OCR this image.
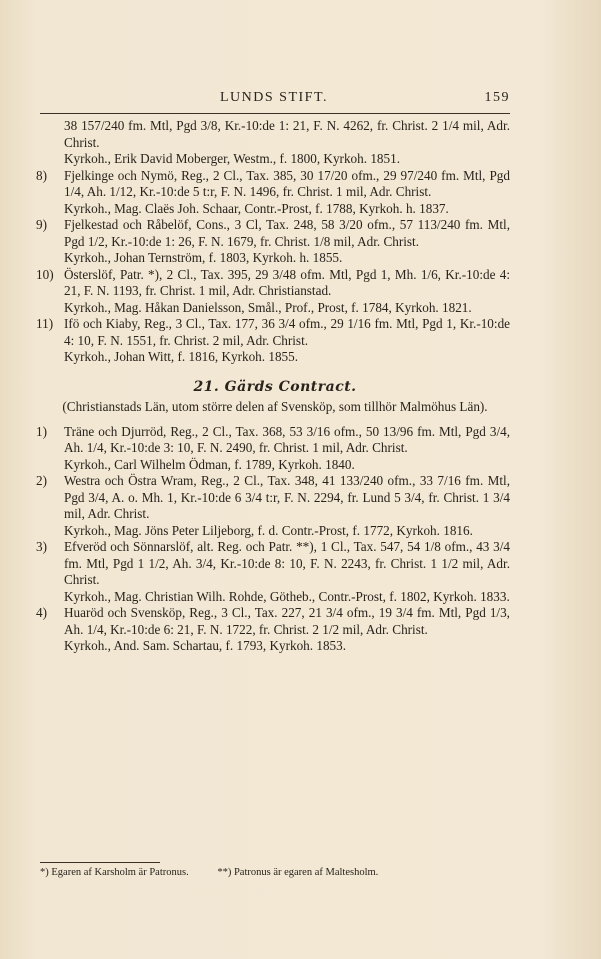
LUNDS STIFT.	159

38 157/240 fm. Mtl, Pgd 3/8, Kr.-10:de 1: 21, F. N. 4262, fr. Christ. 2 1/4 mil, Adr. Christ.
Kyrkoh., Erik David Moberger, Westm., f. 1800, Kyrkoh. 1851.

8)	Fjelkinge och Nymö, Reg., 2 Cl., Tax. 385, 30 17/20 ofm., 29 97/240 fm. Mtl, Pgd 1/4, Ah. 1/12, Kr.-10:de 5 t:r, F. N. 1496, fr. Christ. 1 mil, Adr. Christ.
Kyrkoh., Mag. Claës Joh. Schaar, Contr.-Prost, f. 1788, Kyrkoh. h. 1837.

9)	Fjelkestad och Råbelöf, Cons., 3 Cl, Tax. 248, 58 3/20 ofm., 57 113/240 fm. Mtl, Pgd 1/2, Kr.-10:de 1: 26, F. N. 1679, fr. Christ. 1/8 mil, Adr. Christ.
Kyrkoh., Johan Ternström, f. 1803, Kyrkoh. h. 1855.

10) Österslöf, Patr. *), 2 Cl., Tax. 395, 29 3/48 ofm. Mtl, Pgd 1, Mh. 1/6, Kr.-10:de 4: 21, F. N. 1193, fr. Christ. 1 mil, Adr. Christianstad.
Kyrkoh., Mag. Håkan Danielsson, Smål., Prof., Prost, f. 1784, Kyrkoh. 1821.

11) Ifö och Kiaby, Reg., 3 Cl., Tax. 177, 36 3/4 ofm., 29 1/16 fm. Mtl, Pgd 1, Kr.-10:de 4: 10, F. N. 1551, fr. Christ. 2 mil, Adr. Christ.
Kyrkoh., Johan Witt, f. 1816, Kyrkoh. 1855.

21. Gärds Contract.
(Christianstads Län, utom större delen af Svensköp, som tillhör Malmöhus Län).

1)	Träne och Djurröd, Reg., 2 Cl., Tax. 368, 53 3/16 ofm., 50 13/96 fm. Mtl, Pgd 3/4, Ah. 1/4, Kr.-10:de 3: 10, F. N. 2490, fr. Christ. 1 mil, Adr. Christ.
Kyrkoh., Carl Wilhelm Ödman, f. 1789, Kyrkoh. 1840.

2)	Westra och Östra Wram, Reg., 2 Cl., Tax. 348, 41 133/240 ofm., 33 7/16 fm. Mtl, Pgd 3/4, A. o. Mh. 1, Kr.-10:de 6 3/4 t:r, F. N. 2294, fr. Lund 5 3/4, fr. Christ. 1 3/4 mil, Adr. Christ.
Kyrkoh., Mag. Jöns Peter Liljeborg, f. d. Contr.-Prost, f. 1772, Kyrkoh. 1816.

3)	Efveröd och Sönnarslöf, alt. Reg. och Patr. **), 1 Cl., Tax. 547, 54 1/8 ofm., 43 3/4 fm. Mtl, Pgd 1 1/2, Ah. 3/4, Kr.-10:de 8: 10, F. N. 2243, fr. Christ. 1 1/2 mil, Adr. Christ.
Kyrkoh., Mag. Christian Wilh. Rohde, Götheb., Contr.-Prost, f. 1802, Kyrkoh. 1833.

4)	Huaröd och Svensköp, Reg., 3 Cl., Tax. 227, 21 3/4 ofm., 19 3/4 fm. Mtl, Pgd 1/3, Ah. 1/4, Kr.-10:de 6: 21, F. N. 1722, fr. Christ. 2 1/2 mil, Adr. Christ.
Kyrkoh., And. Sam. Schartau, f. 1793, Kyrkoh. 1853.

*) Egaren af Karsholm är Patronus.	**) Patronus är egaren af Maltesholm.
